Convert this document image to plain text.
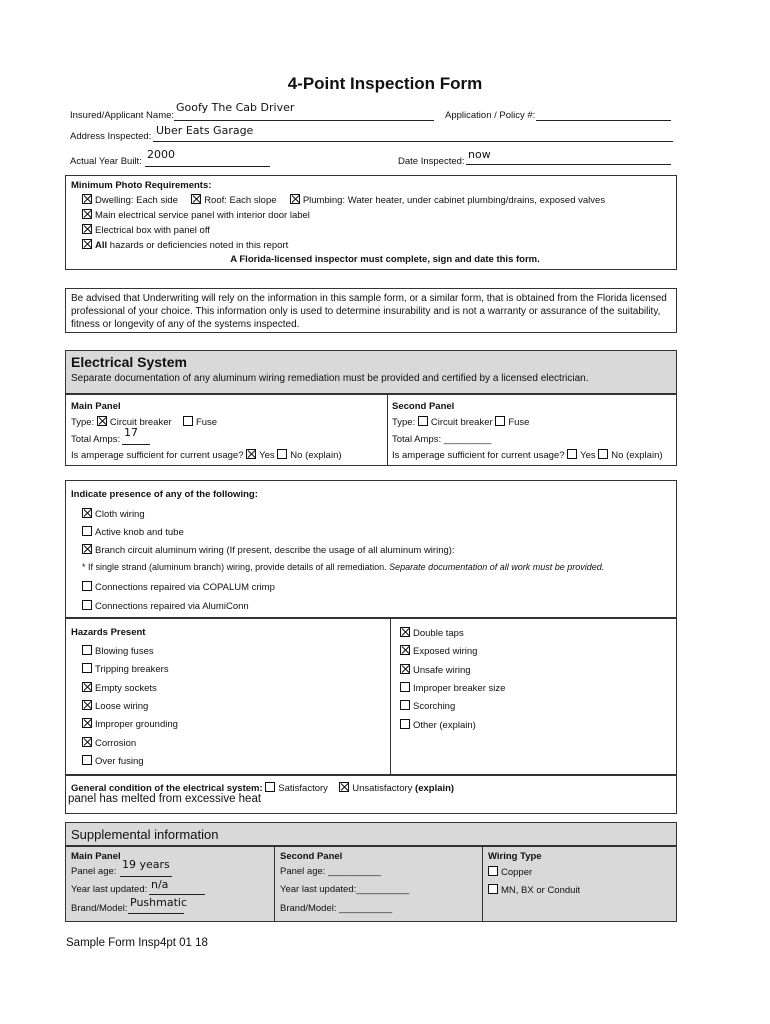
4-Point Inspection Form
Insured/Applicant Name:
Goofy The Cab Driver
Application / Policy #:
Address Inspected: Uber Eats Garage
Actual Year Built:
2000
Date Inspected:
now
Minimum Photo Requirements:
Dwelling: Each side	Roof: Each slope	Plumbing: Water heater, under cabinet plumbing/drains, exposed valves
Main electrical service panel with interior door label
Electrical box with panel off
All hazards or deficiencies noted in this report
A Florida-licensed inspector must complete, sign and date this form.
Be advised that Underwriting will rely on the information in this sample form, or a similar form, that is obtained from the Florida licensed professional of your choice. This information only is used to determine insurability and is not a warranty or assurance of the suitability, fitness or longevity of any of the systems inspected.
Electrical System
Separate documentation of any aluminum wiring remediation must be provided and certified by a licensed electrician.
Main Panel
Type: Circuit breaker	Fuse
Total Amps:
17
Is amperage sufficient for current usage? Yes No (explain)
Second Panel
Type: Circuit breaker Fuse
Total Amps: _________
Is amperage sufficient for current usage? Yes No (explain)
Indicate presence of any of the following:
Cloth wiring
Active knob and tube
Branch circuit aluminum wiring (If present, describe the usage of all aluminum wiring):
* If single strand (aluminum branch) wiring, provide details of all remediation. Separate documentation of all work must be provided.
Connections repaired via COPALUM crimp
Connections repaired via AlumiConn
Hazards Present
Blowing fuses
Tripping breakers
Empty sockets
Loose wiring
Improper grounding
Corrosion
Over fusing
Double taps
Exposed wiring
Unsafe wiring
Improper breaker size
Scorching
Other (explain)
General condition of the electrical system: Satisfactory	Unsatisfactory (explain)
panel has melted from excessive heat
Supplemental information
Main Panel
Panel age:
19 years
Year last updated: n/a
Brand/Model: Pushmatic
Second Panel
Panel age: __________
Year last updated:__________
Brand/Model: __________
Wiring Type
Copper
MN, BX or Conduit
Sample Form Insp4pt 01 18
